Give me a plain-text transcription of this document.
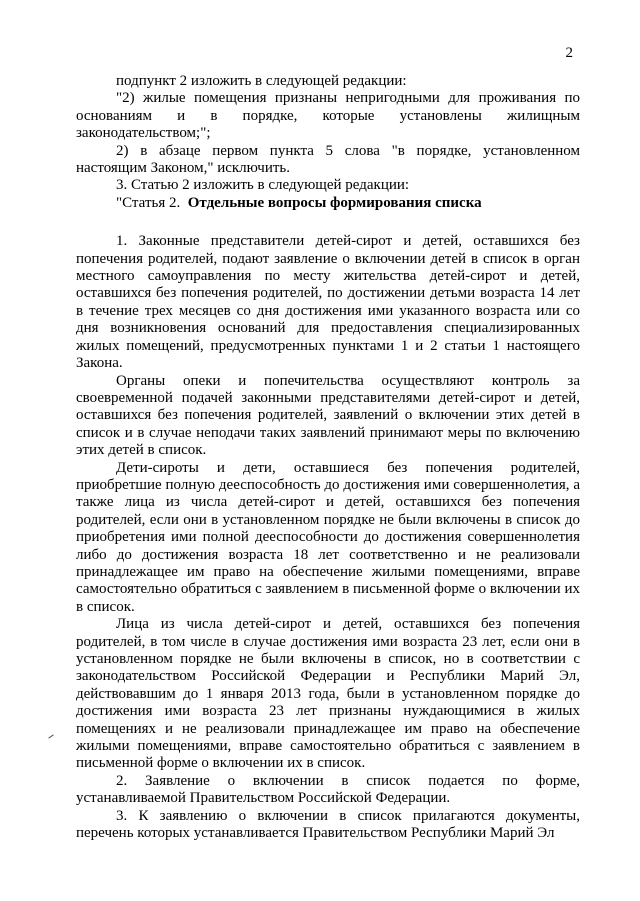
2

подпункт 2 изложить в следующей редакции:

"2) жилые помещения признаны непригодными для проживания по основаниям и в порядке, которые установлены жилищным законодательством;";

2) в абзаце первом пункта 5 слова "в порядке, установленном настоящим Законом," исключить.

3. Статью 2 изложить в следующей редакции:

"Статья 2. Отдельные вопросы формирования списка

1. Законные представители детей-сирот и детей, оставшихся без попечения родителей, подают заявление о включении детей в список в орган местного самоуправления по месту жительства детей-сирот и детей, оставшихся без попечения родителей, по достижении детьми возраста 14 лет в течение трех месяцев со дня достижения ими указанного возраста или со дня возникновения оснований для предоставления специализированных жилых помещений, предусмотренных пунктами 1 и 2 статьи 1 настоящего Закона.

Органы опеки и попечительства осуществляют контроль за своевременной подачей законными представителями детей-сирот и детей, оставшихся без попечения родителей, заявлений о включении этих детей в список и в случае неподачи таких заявлений принимают меры по включению этих детей в список.

Дети-сироты и дети, оставшиеся без попечения родителей, приобретшие полную дееспособность до достижения ими совершеннолетия, а также лица из числа детей-сирот и детей, оставшихся без попечения родителей, если они в установленном порядке не были включены в список до приобретения ими полной дееспособности до достижения совершеннолетия либо до достижения возраста 18 лет соответственно и не реализовали принадлежащее им право на обеспечение жилыми помещениями, вправе самостоятельно обратиться с заявлением в письменной форме о включении их в список.

Лица из числа детей-сирот и детей, оставшихся без попечения родителей, в том числе в случае достижения ими возраста 23 лет, если они в установленном порядке не были включены в список, но в соответствии с законодательством Российской Федерации и Республики Марий Эл, действовавшим до 1 января 2013 года, были в установленном порядке до достижения ими возраста 23 лет признаны нуждающимися в жилых помещениях и не реализовали принадлежащее им право на обеспечение жилыми помещениями, вправе самостоятельно обратиться с заявлением в письменной форме о включении их в список.

2. Заявление о включении в список подается по форме, устанавливаемой Правительством Российской Федерации.

3. К заявлению о включении в список прилагаются документы, перечень которых устанавливается Правительством Республики Марий Эл
